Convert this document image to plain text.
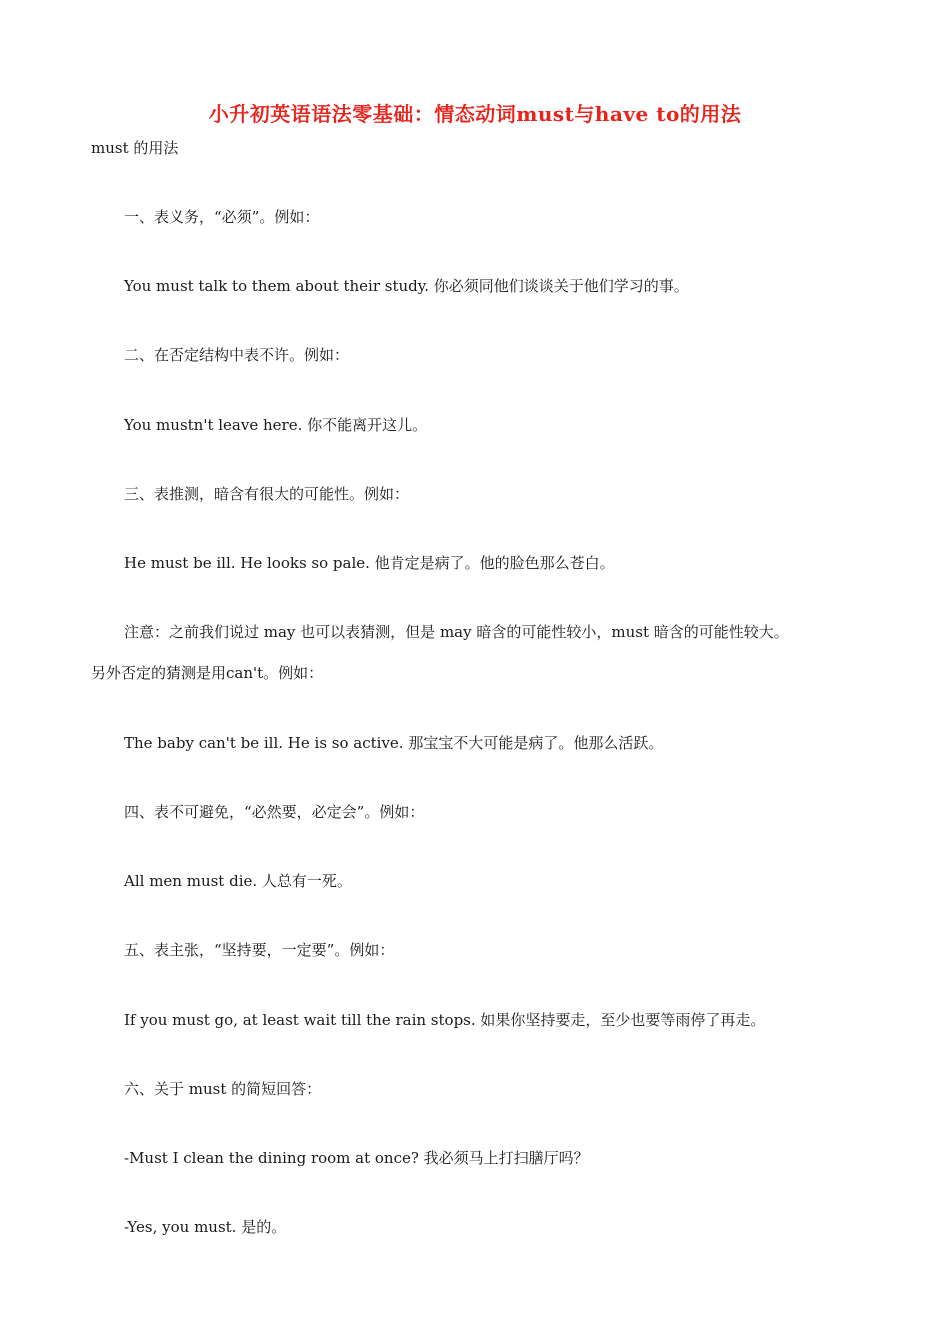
小升初英语语法零基础：情态动词must与have to的用法
must 的用法
一、表义务，“必须”。例如：
You must talk to them about their study. 你必须同他们谈谈关于他们学习的事。
二、在否定结构中表不许。例如：
You mustn't leave here. 你不能离开这儿。
三、表推测，暗含有很大的可能性。例如：
He must be ill. He looks so pale. 他肯定是病了。他的脸色那么苍白。
注意：之前我们说过 may 也可以表猜测，但是 may 暗含的可能性较小，must 暗含的可能性较大。
另外否定的猜测是用can't。例如：
The baby can't be ill. He is so active. 那宝宝不大可能是病了。他那么活跃。
四、表不可避免，“必然要，必定会”。例如：
All men must die. 人总有一死。
五、表主张，“坚持要，一定要”。例如：
If you must go, at least wait till the rain stops. 如果你坚持要走，至少也要等雨停了再走。
六、关于 must 的简短回答：
-Must I clean the dining room at once? 我必须马上打扫膳厅吗？
-Yes, you must. 是的。
